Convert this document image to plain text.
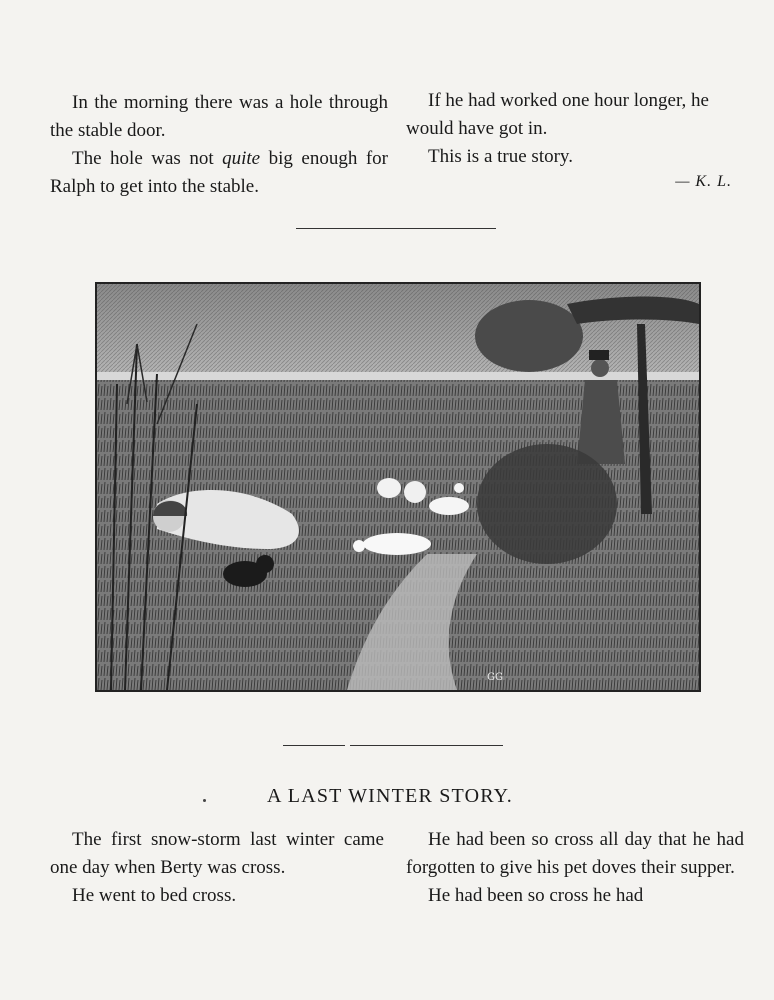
In the morning there was a hole through the stable door.

The hole was not quite big enough for Ralph to get into the stable.

If he had worked one hour longer, he would have got in.

This is a true story.

— K. L.
GG
A LAST WINTER STORY.

The first snow-storm last winter came one day when Berty was cross.

He went to bed cross.

He had been so cross all day that he had forgotten to give his pet doves their supper.

He had been so cross he had
